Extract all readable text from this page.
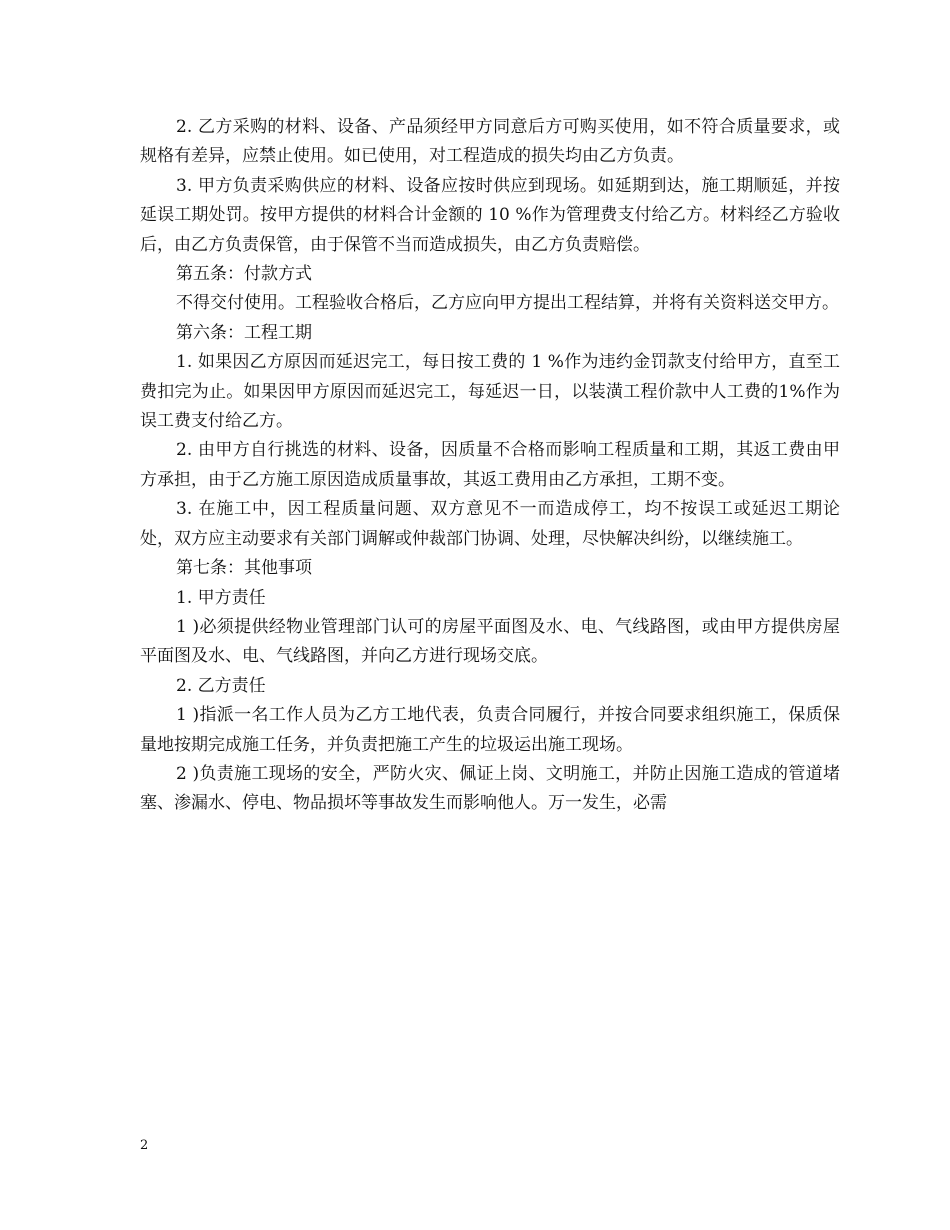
2. 乙方采购的材料、设备、产品须经甲方同意后方可购买使用，如不符合质量要求，或规格有差异，应禁止使用。如已使用，对工程造成的损失均由乙方负责。

3. 甲方负责采购供应的材料、设备应按时供应到现场。如延期到达，施工期顺延，并按延误工期处罚。按甲方提供的材料合计金额的 10 %作为管理费支付给乙方。材料经乙方验收后，由乙方负责保管，由于保管不当而造成损失，由乙方负责赔偿。

第五条：付款方式

不得交付使用。工程验收合格后，乙方应向甲方提出工程结算，并将有关资料送交甲方。

第六条：工程工期

1. 如果因乙方原因而延迟完工，每日按工费的 1 %作为违约金罚款支付给甲方，直至工费扣完为止。如果因甲方原因而延迟完工，每延迟一日，以装潢工程价款中人工费的1%作为误工费支付给乙方。

2. 由甲方自行挑选的材料、设备，因质量不合格而影响工程质量和工期，其返工费由甲方承担，由于乙方施工原因造成质量事故，其返工费用由乙方承担，工期不变。

3. 在施工中，因工程质量问题、双方意见不一而造成停工，均不按误工或延迟工期论处，双方应主动要求有关部门调解或仲裁部门协调、处理，尽快解决纠纷，以继续施工。

第七条：其他事项

1. 甲方责任

1 )必须提供经物业管理部门认可的房屋平面图及水、电、气线路图，或由甲方提供房屋平面图及水、电、气线路图，并向乙方进行现场交底。

2. 乙方责任

1 )指派一名工作人员为乙方工地代表，负责合同履行，并按合同要求组织施工，保质保量地按期完成施工任务，并负责把施工产生的垃圾运出施工现场。

2 )负责施工现场的安全，严防火灾、佩证上岗、文明施工，并防止因施工造成的管道堵塞、渗漏水、停电、物品损坏等事故发生而影响他人。万一发生，必需

2
